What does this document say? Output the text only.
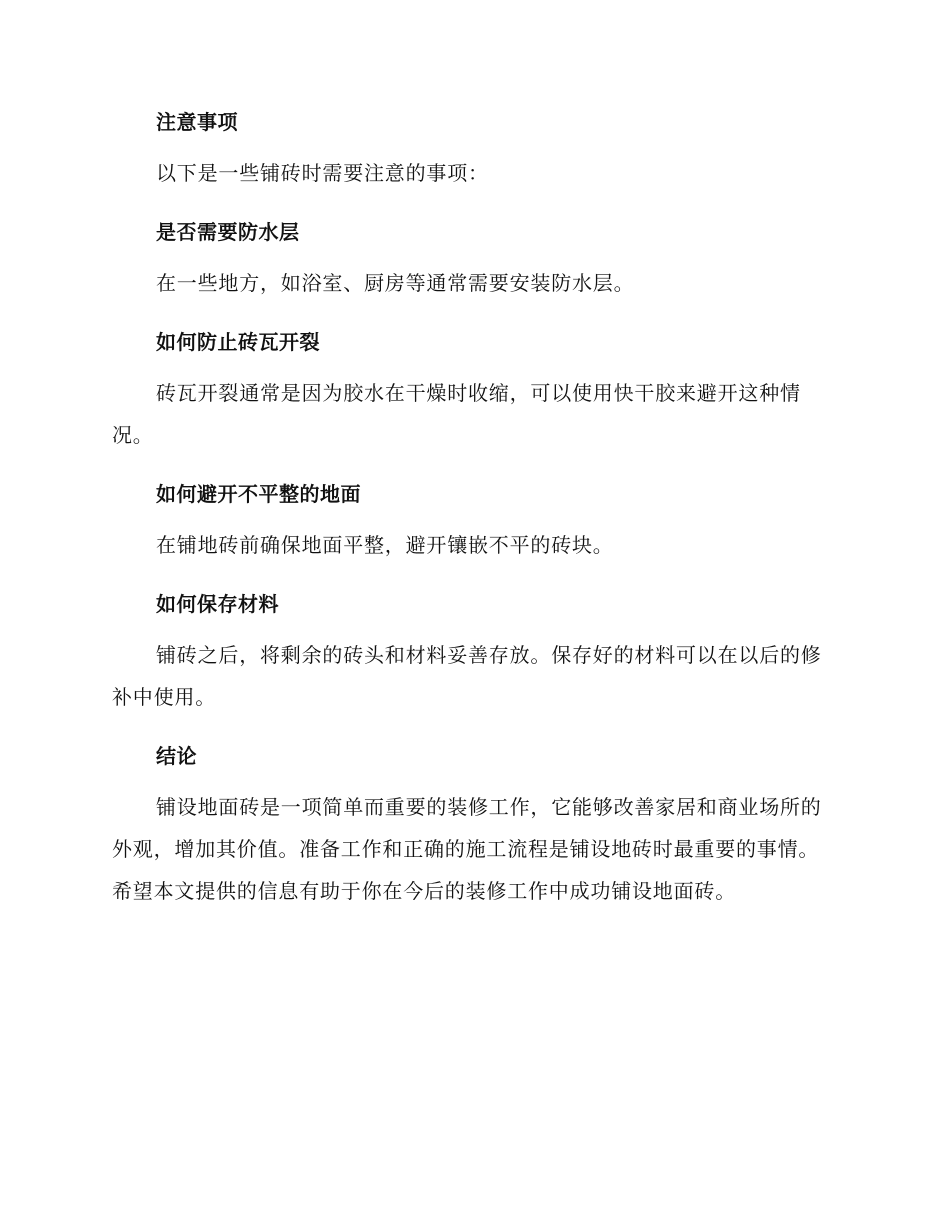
注意事项

以下是一些铺砖时需要注意的事项：

是否需要防水层

在一些地方，如浴室、厨房等通常需要安装防水层。

如何防止砖瓦开裂

砖瓦开裂通常是因为胶水在干燥时收缩，可以使用快干胶来避开这种情况。

如何避开不平整的地面

在铺地砖前确保地面平整，避开镶嵌不平的砖块。

如何保存材料

铺砖之后，将剩余的砖头和材料妥善存放。保存好的材料可以在以后的修补中使用。

结论

铺设地面砖是一项简单而重要的装修工作，它能够改善家居和商业场所的外观，增加其价值。准备工作和正确的施工流程是铺设地砖时最重要的事情。希望本文提供的信息有助于你在今后的装修工作中成功铺设地面砖。
